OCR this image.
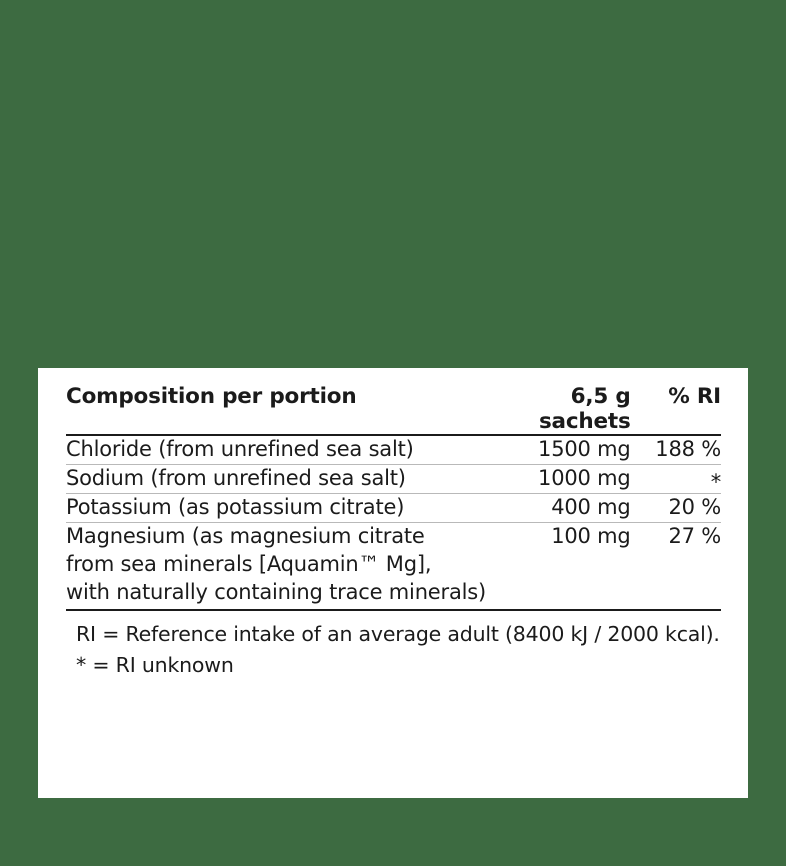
Composition per portion	6,5 g sachets	% RI
Chloride (from unrefined sea salt)	1500 mg	188 %
Sodium (from unrefined sea salt)	1000 mg	*
Potassium (as potassium citrate)	400 mg	20 %

Magnesium (as magnesium citrate
from sea minerals [Aquamin™ Mg],
with naturally containing trace minerals)	100 mg	27 %
RI = Reference intake of an average adult (8400 kJ / 2000 kcal).
* = RI unknown
